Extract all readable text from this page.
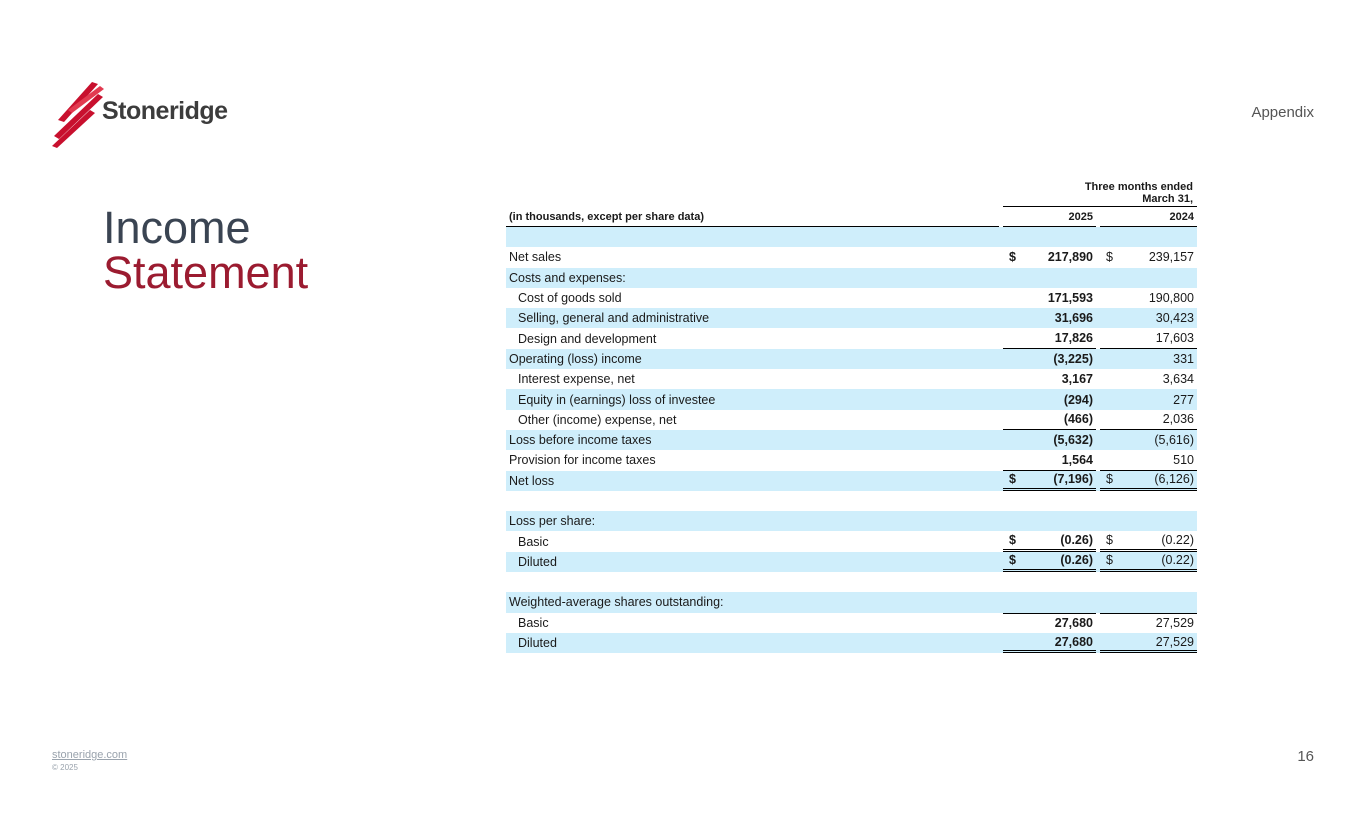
Stoneridge	Appendix
Income
Statement
Three months ended
March 31,
(in thousands, except per share data)	2025	2024
Net sales	$	217,890 $	239,157
Costs and expenses:
Cost of goods sold	171,593	190,800
Selling, general and administrative	31,696	30,423
Design and development	17,826	17,603
Operating (loss) income	(3,225)	331
Interest expense, net	3,167	3,634
Equity in (earnings) loss of investee	(294)	277
Other (income) expense, net	(466)	2,036
Loss before income taxes	(5,632)	(5,616)
Provision for income taxes	1,564	510
Net loss	$	(7,196) $	(6,126)
Loss per share:
Basic	$	(0.26) $	(0.22)
Diluted	$	(0.26) $	(0.22)
Weighted-average shares outstanding:
Basic	27,680	27,529
Diluted	27,680	27,529
stoneridge.com
© 2025
16
